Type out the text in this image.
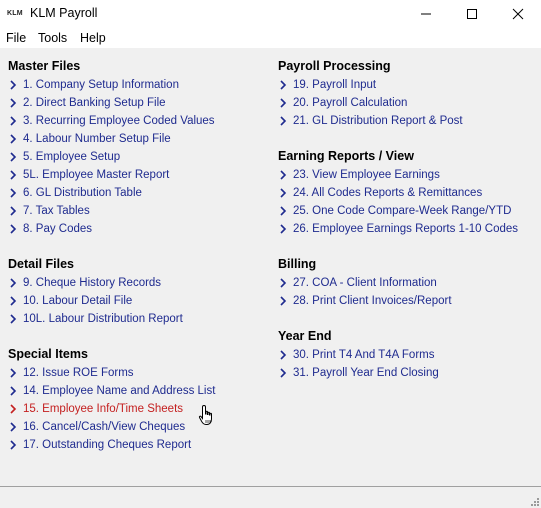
KLM KLM Payroll
File Tools Help
Master Files
1. Company Setup Information
2. Direct Banking Setup File
3. Recurring Employee Coded Values
4. Labour Number Setup File
5. Employee Setup
5L. Employee Master Report
6. GL Distribution Table
7. Tax Tables
8. Pay Codes
Detail Files
9. Cheque History Records
10. Labour Detail File
10L. Labour Distribution Report
Special Items
12. Issue ROE Forms
14. Employee Name and Address List
15. Employee Info/Time Sheets
16. Cancel/Cash/View Cheques
17. Outstanding Cheques Report
Payroll Processing
19. Payroll Input
20. Payroll Calculation
21. GL Distribution Report & Post
Earning Reports / View
23. View Employee Earnings
24. All Codes Reports & Remittances
25. One Code Compare-Week Range/YTD
26. Employee Earnings Reports 1-10 Codes
Billing
27. COA - Client Information
28. Print Client Invoices/Report
Year End
30. Print T4 And T4A Forms
31. Payroll Year End Closing
